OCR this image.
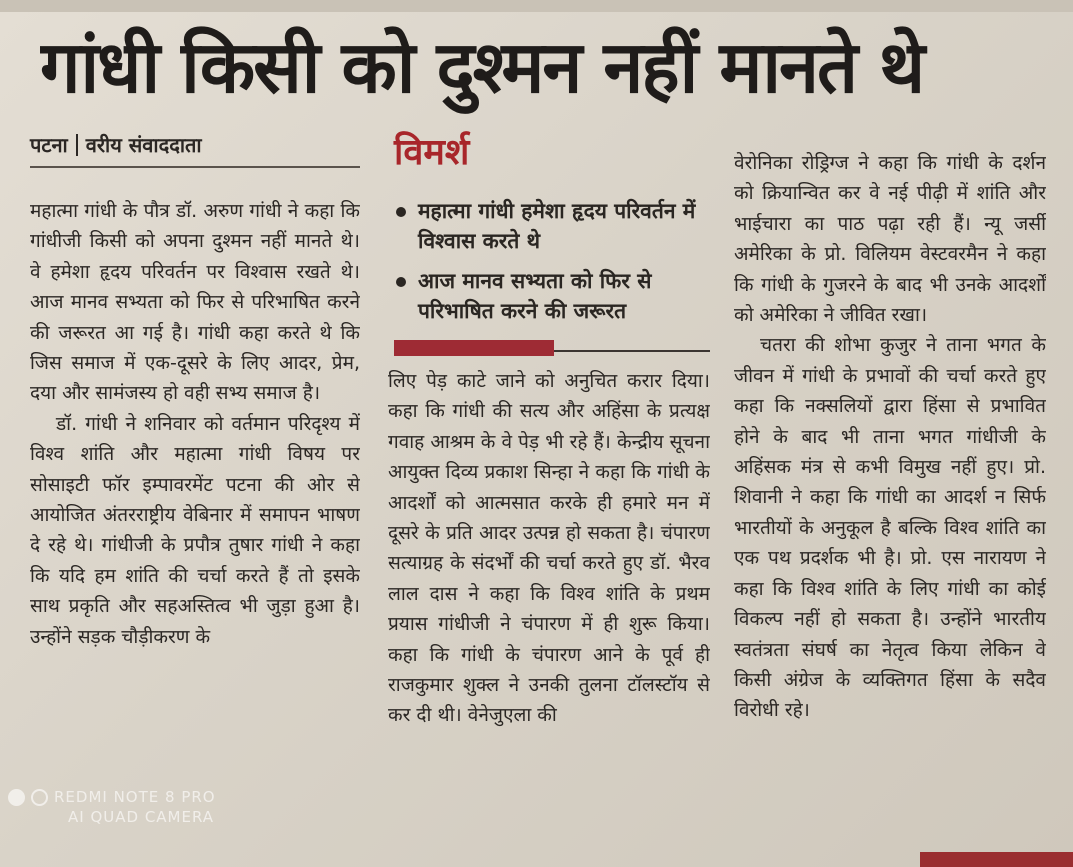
गांधी किसी को दुश्मन नहीं मानते थे
पटना वरीय संवाददाता

महात्मा गांधी के पौत्र डॉ. अरुण गांधी ने कहा कि गांधीजी किसी को अपना दुश्मन नहीं मानते थे। वे हमेशा हृदय परिवर्तन पर विश्वास रखते थे। आज मानव सभ्यता को फिर से परिभाषित करने की जरूरत आ गई है। गांधी कहा करते थे कि जिस समाज में एक-दूसरे के लिए आदर, प्रेम, दया और सामंजस्य हो वही सभ्य समाज है।

डॉ. गांधी ने शनिवार को वर्तमान परिदृश्य में विश्व शांति और महात्मा गांधी विषय पर सोसाइटी फॉर इम्पावरमेंट पटना की ओर से आयोजित अंतरराष्ट्रीय वेबिनार में समापन भाषण दे रहे थे। गांधीजी के प्रपौत्र तुषार गांधी ने कहा कि यदि हम शांति की चर्चा करते हैं तो इसके साथ प्रकृति और सहअस्तित्व भी जुड़ा हुआ है। उन्होंने सड़क चौड़ीकरण के

विमर्श
महात्मा गांधी हमेशा हृदय परिवर्तन में विश्वास करते थे
आज मानव सभ्यता को फिर से परिभाषित करने की जरूरत

लिए पेड़ काटे जाने को अनुचित करार दिया। कहा कि गांधी की सत्य और अहिंसा के प्रत्यक्ष गवाह आश्रम के वे पेड़ भी रहे हैं। केन्द्रीय सूचना आयुक्त दिव्य प्रकाश सिन्हा ने कहा कि गांधी के आदर्शों को आत्मसात करके ही हमारे मन में दूसरे के प्रति आदर उत्पन्न हो सकता है। चंपारण सत्याग्रह के संदर्भों की चर्चा करते हुए डॉ. भैरव लाल दास ने कहा कि विश्व शांति के प्रथम प्रयास गांधीजी ने चंपारण में ही शुरू किया। कहा कि गांधी के चंपारण आने के पूर्व ही राजकुमार शुक्ल ने उनकी तुलना टॉलस्टॉय से कर दी थी। वेनेजुएला की

वेरोनिका रोड्रिग्ज ने कहा कि गांधी के दर्शन को क्रियान्वित कर वे नई पीढ़ी में शांति और भाईचारा का पाठ पढ़ा रही हैं। न्यू जर्सी अमेरिका के प्रो. विलियम वेस्टवरमैन ने कहा कि गांधी के गुजरने के बाद भी उनके आदर्शों को अमेरिका ने जीवित रखा।

चतरा की शोभा कुजुर ने ताना भगत के जीवन में गांधी के प्रभावों की चर्चा करते हुए कहा कि नक्सलियों द्वारा हिंसा से प्रभावित होने के बाद भी ताना भगत गांधीजी के अहिंसक मंत्र से कभी विमुख नहीं हुए। प्रो. शिवानी ने कहा कि गांधी का आदर्श न सिर्फ भारतीयों के अनुकूल है बल्कि विश्व शांति का एक पथ प्रदर्शक भी है। प्रो. एस नारायण ने कहा कि विश्व शांति के लिए गांधी का कोई विकल्प नहीं हो सकता है। उन्होंने भारतीय स्वतंत्रता संघर्ष का नेतृत्व किया लेकिन वे किसी अंग्रेज के व्यक्तिगत हिंसा के सदैव विरोधी रहे।

REDMI NOTE 8 PRO
AI QUAD CAMERA
